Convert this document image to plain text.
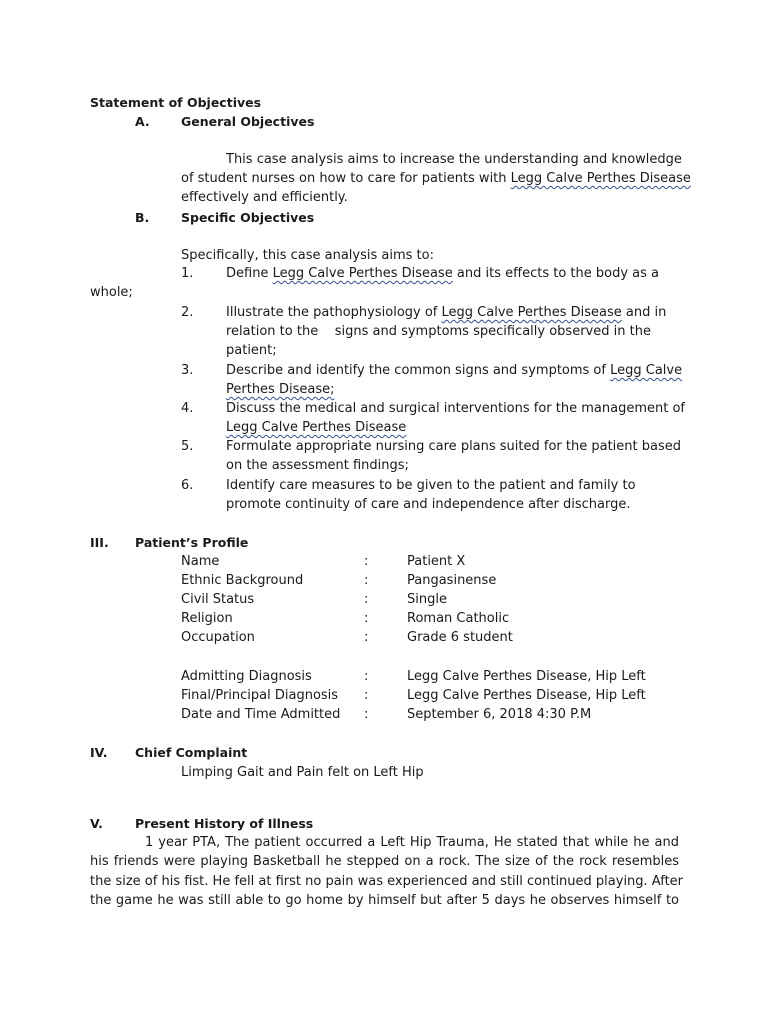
Statement of Objectives
A.	General Objectives
This case analysis aims to increase the understanding and knowledge
of student nurses on how to care for patients with Legg Calve Perthes Disease
effectively and efficiently.
B.	Specific Objectives
Specifically, this case analysis aims to:
1.	Define Legg Calve Perthes Disease and its effects to the body as a
whole;
2.	Illustrate the pathophysiology of Legg Calve Perthes Disease and in
relation to the    signs and symptoms specifically observed in the
patient;
3.	Describe and identify the common signs and symptoms of Legg Calve
Perthes Disease;
4.	Discuss the medical and surgical interventions for the management of
Legg Calve Perthes Disease
5.	Formulate appropriate nursing care plans suited for the patient based
on the assessment findings;
6.	Identify care measures to be given to the patient and family to
promote continuity of care and independence after discharge.
III. Patient’s Profile
Name	:	Patient X
Ethnic Background	:	Pangasinense
Civil Status	:	Single
Religion	:	Roman Catholic
Occupation	:	Grade 6 student
Admitting Diagnosis	:	Legg Calve Perthes Disease, Hip Left
Final/Principal Diagnosis :	Legg Calve Perthes Disease, Hip Left
Date and Time Admitted :	September 6, 2018 4:30 P.M
IV. Chief Complaint
Limping Gait and Pain felt on Left Hip
V.	Present History of Illness
1 year PTA, The patient occurred a Left Hip Trauma, He stated that while he and
his friends were playing Basketball he stepped on a rock. The size of the rock resembles
the size of his fist. He fell at first no pain was experienced and still continued playing. After
the game he was still able to go home by himself but after 5 days he observes himself to
